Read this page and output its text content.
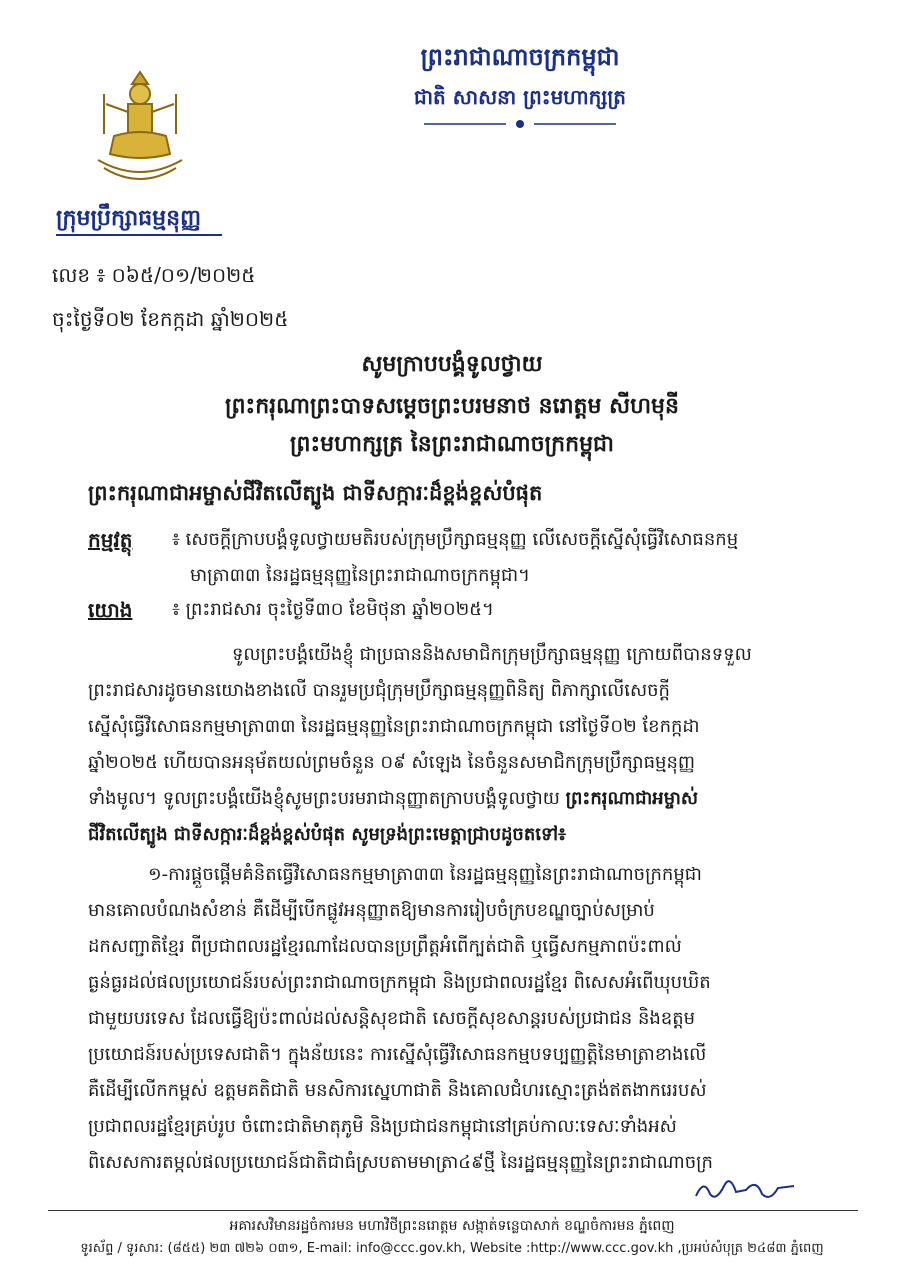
ក្រុមប្រឹក្សាធម្មនុញ្ញ
ព្រះរាជាណាចក្រកម្ពុជា
ជាតិ សាសនា ព្រះមហាក្សត្រ
លេខ ៖ ០៦៥/០១/២០២៥
ចុះថ្ងៃទី០២ ខែកក្កដា ឆ្នាំ២០២៥
សូមក្រាបបង្គំទូលថ្វាយ
ព្រះករុណាព្រះបាទសម្តេចព្រះបរមនាថ នរោត្តម សីហមុនី
ព្រះមហាក្សត្រ នៃព្រះរាជាណាចក្រកម្ពុជា
ព្រះករុណាជាអម្ចាស់ជីវិតលើត្បូង ជាទីសក្ការៈដ៏ខ្ពង់ខ្ពស់បំផុត
កម្មវត្ថុ ៖ សេចក្តីក្រាបបង្គំទូលថ្វាយមតិរបស់ក្រុមប្រឹក្សាធម្មនុញ្ញ លើសេចក្តីស្នើសុំធ្វើវិសោធនកម្ម
មាត្រា៣៣ នៃរដ្ឋធម្មនុញ្ញនៃព្រះរាជាណាចក្រកម្ពុជា។
យោង ៖ ព្រះរាជសារ ចុះថ្ងៃទី៣០ ខែមិថុនា ឆ្នាំ២០២៥។
ទូលព្រះបង្គំយើងខ្ញុំ ជាប្រធាននិងសមាជិកក្រុមប្រឹក្សាធម្មនុញ្ញ ក្រោយពីបានទទួល
ព្រះរាជសារដូចមានយោងខាងលើ បានរួមប្រជុំក្រុមប្រឹក្សាធម្មនុញ្ញពិនិត្យ ពិភាក្សាលើសេចក្តី
ស្នើសុំធ្វើវិសោធនកម្មមាត្រា៣៣ នៃរដ្ឋធម្មនុញ្ញនៃព្រះរាជាណាចក្រកម្ពុជា នៅថ្ងៃទី០២ ខែកក្កដា
ឆ្នាំ២០២៥ ហើយបានអនុម័តយល់ព្រមចំនួន ០៩ សំឡេង នៃចំនួនសមាជិកក្រុមប្រឹក្សាធម្មនុញ្ញ
ទាំងមូល។ ទូលព្រះបង្គំយើងខ្ញុំសូមព្រះបរមរាជានុញ្ញាតក្រាបបង្គំទូលថ្វាយ ព្រះករុណាជាអម្ចាស់
ជីវិតលើត្បូង ជាទីសក្ការៈដ៏ខ្ពង់ខ្ពស់បំផុត សូមទ្រង់ព្រះមេត្តាជ្រាបដូចតទៅ៖
១-ការផ្តួចផ្តើមគំនិតធ្វើវិសោធនកម្មមាត្រា៣៣ នៃរដ្ឋធម្មនុញ្ញនៃព្រះរាជាណាចក្រកម្ពុជា
មានគោលបំណងសំខាន់ គឺដើម្បីបើកផ្លូវអនុញ្ញាតឱ្យមានការរៀបចំក្របខណ្ឌច្បាប់សម្រាប់
ដកសញ្ជាតិខ្មែរ ពីប្រជាពលរដ្ឋខ្មែរណាដែលបានប្រព្រឹត្តអំពើក្បត់ជាតិ ឬធ្វើសកម្មភាពប៉ះពាល់
ធ្ងន់ធ្ងរដល់ផលប្រយោជន៍របស់ព្រះរាជាណាចក្រកម្ពុជា និងប្រជាពលរដ្ឋខ្មែរ ពិសេសអំពើឃុបឃិត
ជាមួយបរទេស ដែលធ្វើឱ្យប៉ះពាល់ដល់សន្តិសុខជាតិ សេចក្តីសុខសាន្តរបស់ប្រជាជន និងឧត្តម
ប្រយោជន៍របស់ប្រទេសជាតិ។ ក្នុងន័យនេះ ការស្នើសុំធ្វើវិសោធនកម្មបទប្បញ្ញត្តិនៃមាត្រាខាងលើ
គឺដើម្បីលើកកម្ពស់ ឧត្តមគតិជាតិ មនសិការស្នេហាជាតិ និងគោលជំហរស្មោះត្រង់ឥតងាករេរបស់
ប្រជាពលរដ្ឋខ្មែរគ្រប់រូប ចំពោះជាតិមាតុភូមិ និងប្រជាជនកម្ពុជានៅគ្រប់កាលៈទេសៈទាំងអស់
ពិសេសការតម្កល់ផលប្រយោជន៍ជាតិជាធំស្របតាមមាត្រា៤៩ថ្មី នៃរដ្ឋធម្មនុញ្ញនៃព្រះរាជាណាចក្រ
អគារសវិមានរដ្ឋចំការមន មហាវិថីព្រះនរោត្តម សង្កាត់ទន្លេបាសាក់ ខណ្ឌចំការមន ភ្នំពេញ
ទូរស័ព្ទ / ទូរសារ: (៨៥៥) ២៣ ៧២៦ ០៣១, E-mail: info@ccc.gov.kh, Website :http://www.ccc.gov.kh ,ប្រអប់សំបុត្រ ២៤៨៣ ភ្នំពេញ
